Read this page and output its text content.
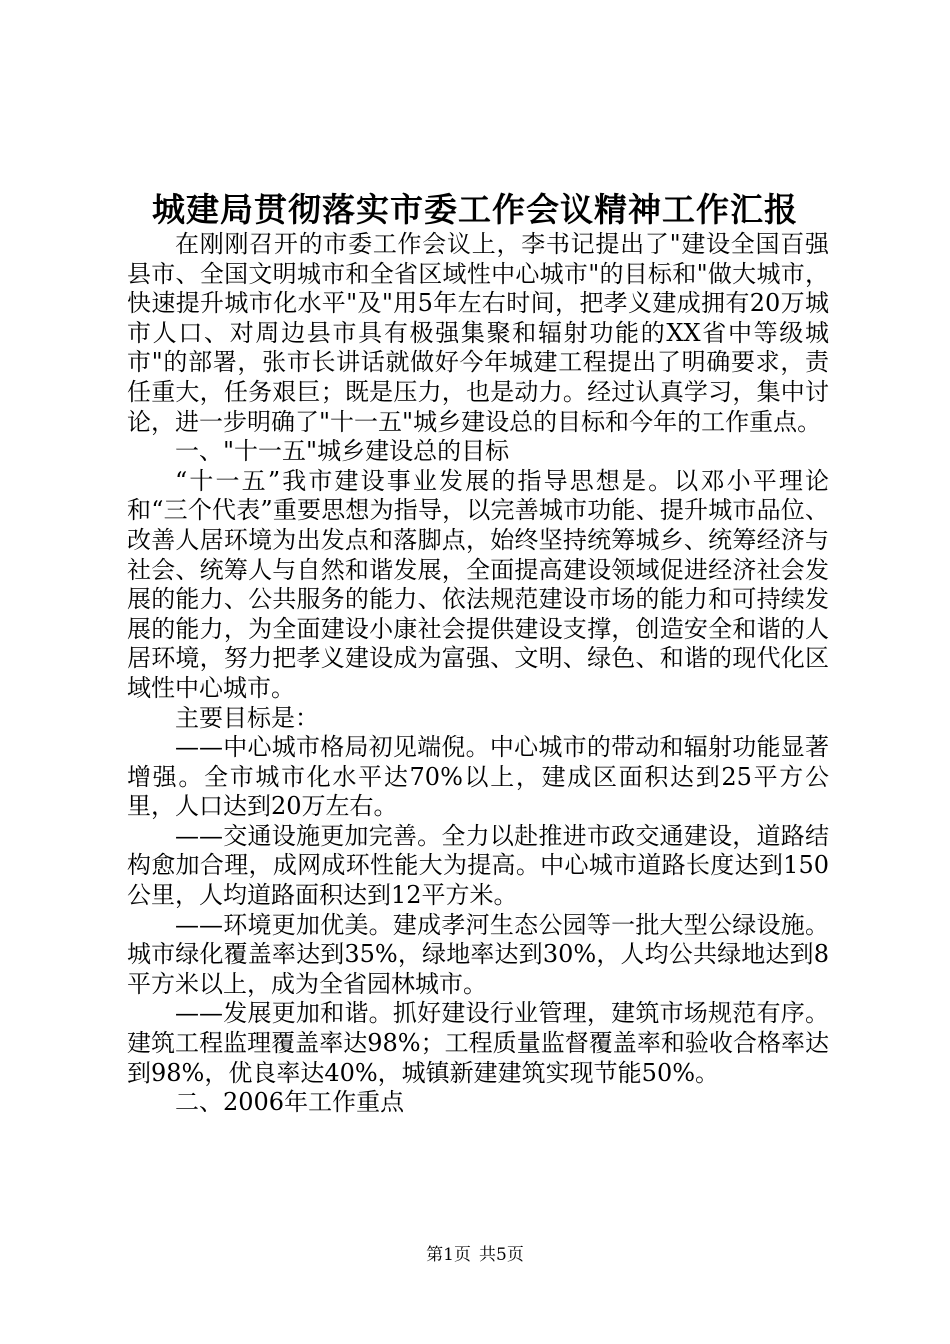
城建局贯彻落实市委工作会议精神工作汇报

在刚刚召开的市委工作会议上，李书记提出了"建设全国百强县市、全国文明城市和全省区域性中心城市"的目标和"做大城市，快速提升城市化水平"及"用5年左右时间，把孝义建成拥有20万城市人口、对周边县市具有极强集聚和辐射功能的XX省中等级城市"的部署，张市长讲话就做好今年城建工程提出了明确要求，责任重大，任务艰巨；既是压力，也是动力。经过认真学习，集中讨论，进一步明确了"十一五"城乡建设总的目标和今年的工作重点。

一、"十一五"城乡建设总的目标

“十一五”我市建设事业发展的指导思想是。以邓小平理论和“三个代表”重要思想为指导，以完善城市功能、提升城市品位、改善人居环境为出发点和落脚点，始终坚持统筹城乡、统筹经济与社会、统筹人与自然和谐发展，全面提高建设领域促进经济社会发展的能力、公共服务的能力、依法规范建设市场的能力和可持续发展的能力，为全面建设小康社会提供建设支撑，创造安全和谐的人居环境，努力把孝义建设成为富强、文明、绿色、和谐的现代化区域性中心城市。

主要目标是：

——中心城市格局初见端倪。中心城市的带动和辐射功能显著增强。全市城市化水平达70%以上，建成区面积达到25平方公里，人口达到20万左右。

——交通设施更加完善。全力以赴推进市政交通建设，道路结构愈加合理，成网成环性能大为提高。中心城市道路长度达到150公里，人均道路面积达到12平方米。

——环境更加优美。建成孝河生态公园等一批大型公绿设施。城市绿化覆盖率达到35%，绿地率达到30%，人均公共绿地达到8平方米以上，成为全省园林城市。

——发展更加和谐。抓好建设行业管理，建筑市场规范有序。建筑工程监理覆盖率达98%；工程质量监督覆盖率和验收合格率达到98%，优良率达40%，城镇新建建筑实现节能50%。

二、2006年工作重点

第1页 共5页
